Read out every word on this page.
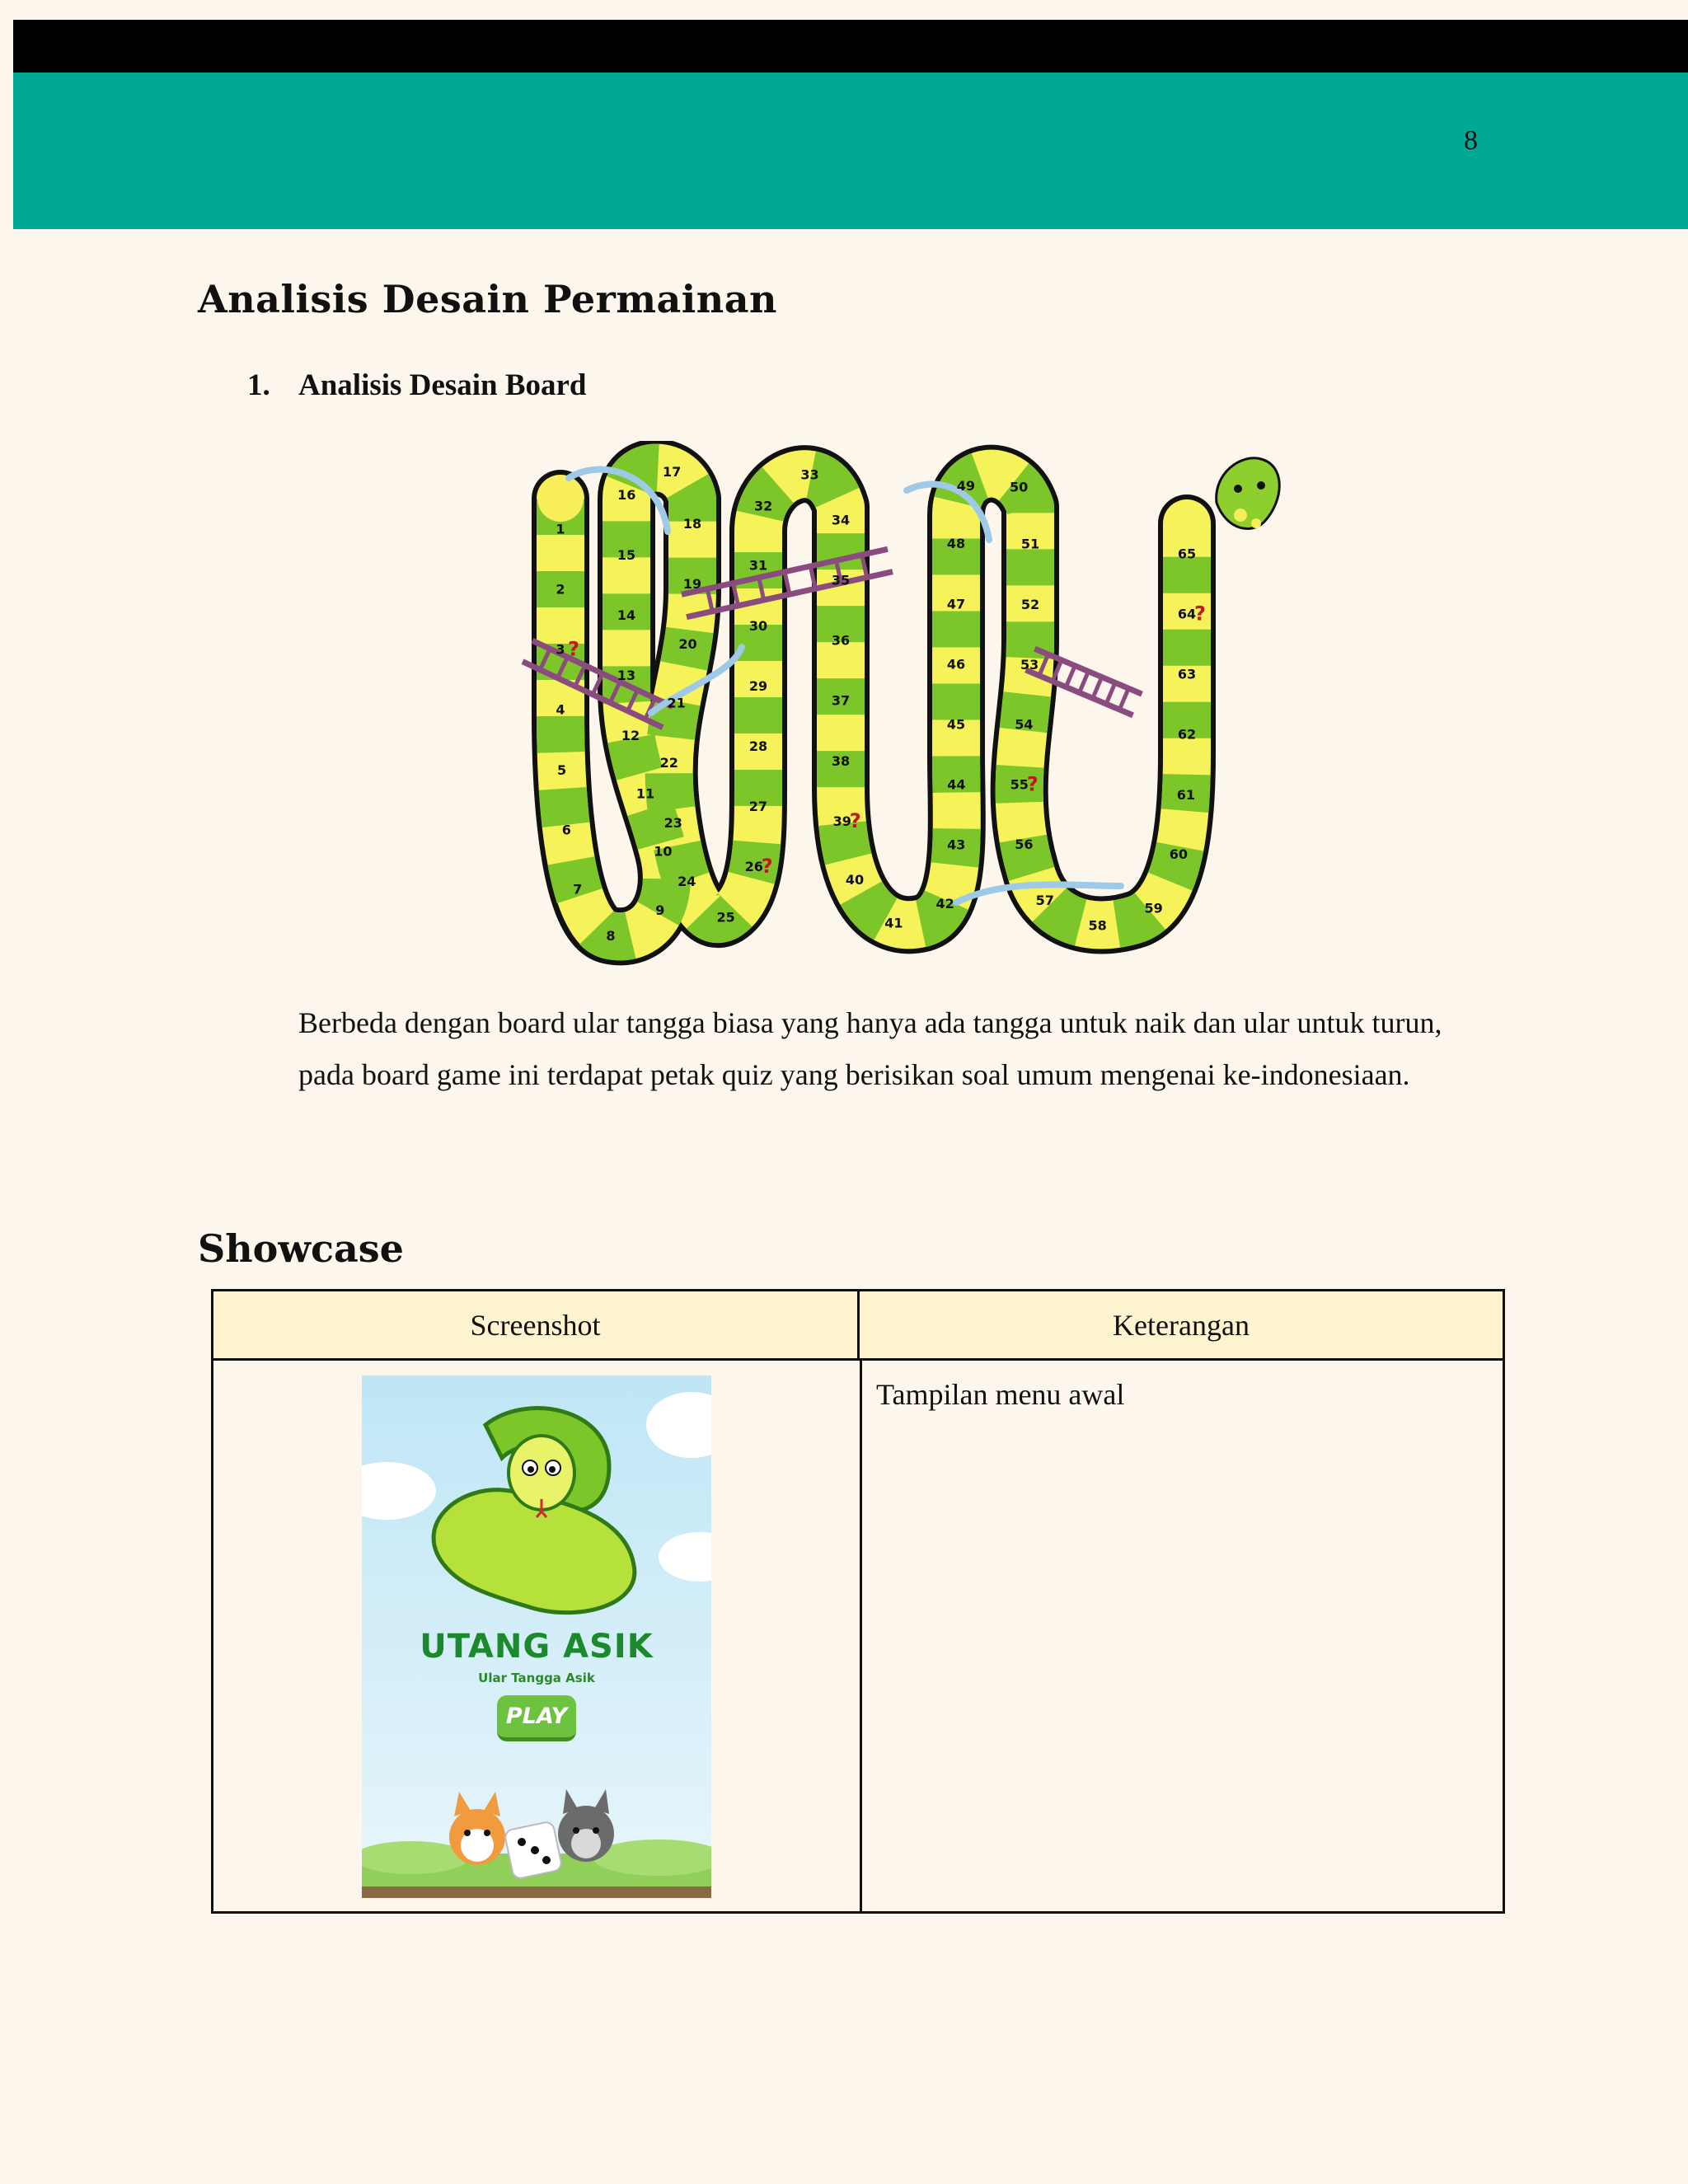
8
Analisis Desain Permainan
1. Analisis Desain Board
1
2
3
4
5
6
7
8
9
10
11
12
13
14
15
16
17
18
19
20
21
22
23
24
25
26
27
28
29
30
31
32
33
34
35
36
37
38
39
40
41
42
43
44
45
46
47
48
49	50
51
52
53
54
55
56
57
58
59
60
61
62
63
64
65
?
?
?
?
?
Berbeda dengan board ular tangga biasa yang hanya ada tangga untuk naik dan ular untuk turun, pada board game ini terdapat petak quiz yang berisikan soal umum mengenai ke-indonesiaan.
Showcase
Screenshot	Keterangan
Tampilan menu awal
UTANG ASIK
Ular Tangga Asik
PLAY
